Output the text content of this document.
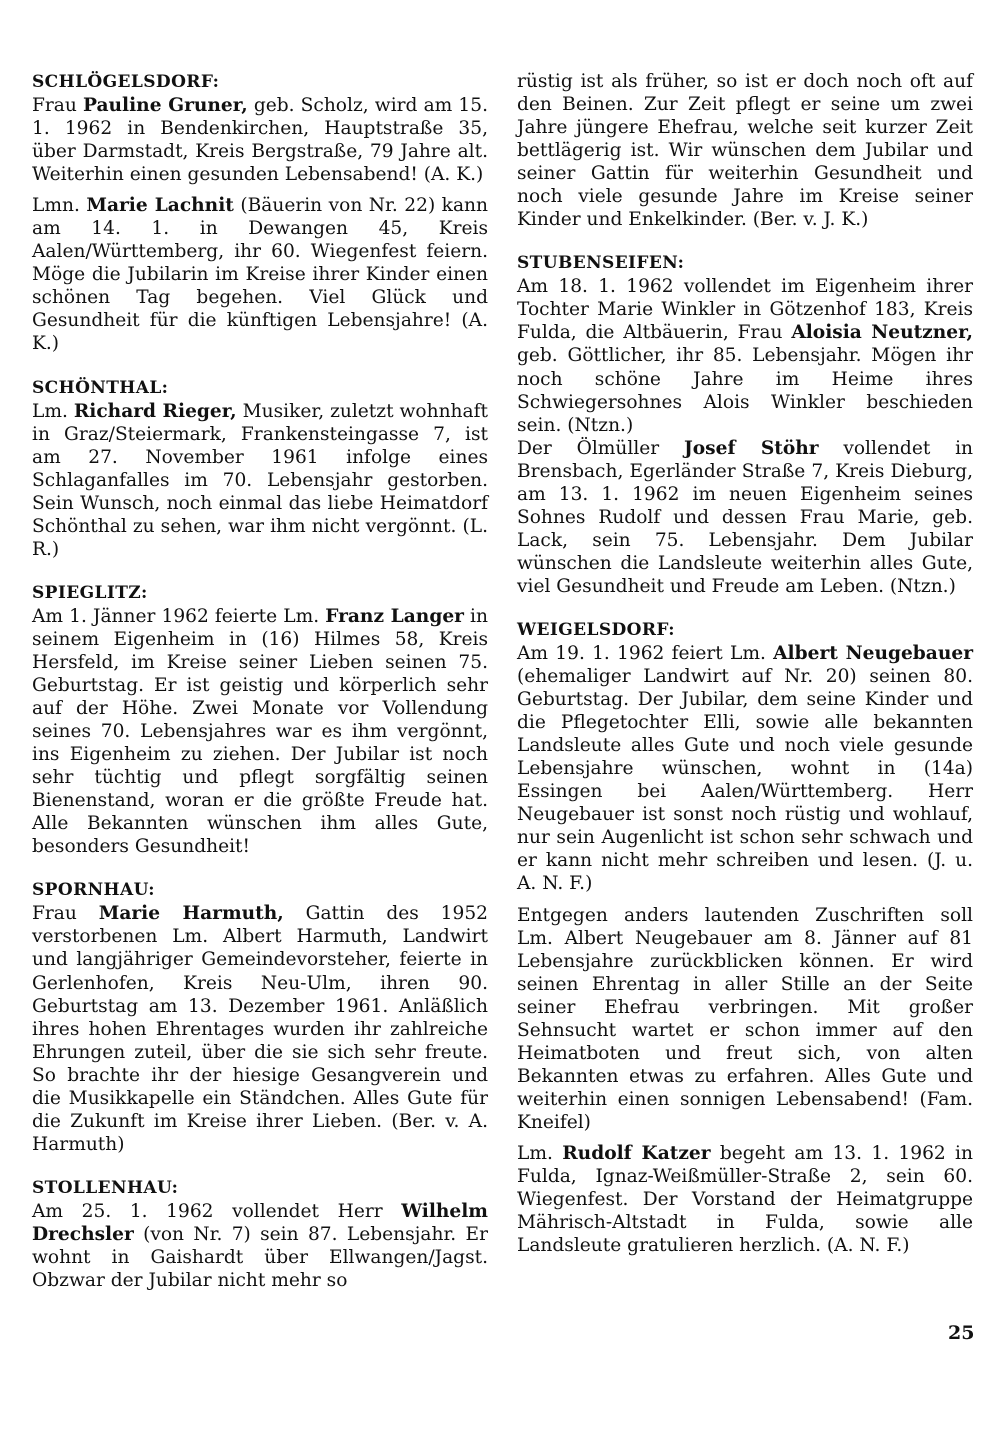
SCHLÖGELSDORF:

Frau Pauline Gruner, geb. Scholz, wird am 15. 1. 1962 in Bendenkirchen, Hauptstraße 35, über Darmstadt, Kreis Bergstraße, 79 Jahre alt. Weiterhin einen gesunden Lebensabend! (A. K.)

Lmn. Marie Lachnit (Bäuerin von Nr. 22) kann am 14. 1. in Dewangen 45, Kreis Aalen/Württemberg, ihr 60. Wiegenfest feiern. Möge die Jubilarin im Kreise ihrer Kinder einen schönen Tag begehen. Viel Glück und Gesundheit für die künftigen Lebensjahre! (A. K.)

SCHÖNTHAL:

Lm. Richard Rieger, Musiker, zuletzt wohnhaft in Graz/Steiermark, Frankensteingasse 7, ist am 27. November 1961 infolge eines Schlaganfalles im 70. Lebensjahr gestorben. Sein Wunsch, noch einmal das liebe Heimatdorf Schönthal zu sehen, war ihm nicht vergönnt. (L. R.)

SPIEGLITZ:

Am 1. Jänner 1962 feierte Lm. Franz Langer in seinem Eigenheim in (16) Hilmes 58, Kreis Hersfeld, im Kreise seiner Lieben seinen 75. Geburtstag. Er ist geistig und körperlich sehr auf der Höhe. Zwei Monate vor Vollendung seines 70. Lebensjahres war es ihm vergönnt, ins Eigenheim zu ziehen. Der Jubilar ist noch sehr tüchtig und pflegt sorgfältig seinen Bienenstand, woran er die größte Freude hat. Alle Bekannten wünschen ihm alles Gute, besonders Gesundheit!

SPORNHAU:

Frau Marie Harmuth, Gattin des 1952 verstorbenen Lm. Albert Harmuth, Landwirt und langjähriger Gemeindevorsteher, feierte in Gerlenhofen, Kreis Neu-Ulm, ihren 90. Geburtstag am 13. Dezember 1961. Anläßlich ihres hohen Ehrentages wurden ihr zahlreiche Ehrungen zuteil, über die sie sich sehr freute. So brachte ihr der hiesige Gesangverein und die Musikkapelle ein Ständchen. Alles Gute für die Zukunft im Kreise ihrer Lieben. (Ber. v. A. Harmuth)

STOLLENHAU:

Am 25. 1. 1962 vollendet Herr Wilhelm Drechsler (von Nr. 7) sein 87. Lebensjahr. Er wohnt in Gaishardt über Ellwangen/Jagst. Obzwar der Jubilar nicht mehr so

rüstig ist als früher, so ist er doch noch oft auf den Beinen. Zur Zeit pflegt er seine um zwei Jahre jüngere Ehefrau, welche seit kurzer Zeit bettlägerig ist. Wir wünschen dem Jubilar und seiner Gattin für weiterhin Gesundheit und noch viele gesunde Jahre im Kreise seiner Kinder und Enkelkinder. (Ber. v. J. K.)

STUBENSEIFEN:

Am 18. 1. 1962 vollendet im Eigenheim ihrer Tochter Marie Winkler in Götzenhof 183, Kreis Fulda, die Altbäuerin, Frau Aloisia Neutzner, geb. Göttlicher, ihr 85. Lebensjahr. Mögen ihr noch schöne Jahre im Heime ihres Schwiegersohnes Alois Winkler beschieden sein. (Ntzn.)

Der Ölmüller Josef Stöhr vollendet in Brensbach, Egerländer Straße 7, Kreis Dieburg, am 13. 1. 1962 im neuen Eigenheim seines Sohnes Rudolf und dessen Frau Marie, geb. Lack, sein 75. Lebensjahr. Dem Jubilar wünschen die Landsleute weiterhin alles Gute, viel Gesundheit und Freude am Leben. (Ntzn.)

WEIGELSDORF:

Am 19. 1. 1962 feiert Lm. Albert Neugebauer (ehemaliger Landwirt auf Nr. 20) seinen 80. Geburtstag. Der Jubilar, dem seine Kinder und die Pflegetochter Elli, sowie alle bekannten Landsleute alles Gute und noch viele gesunde Lebensjahre wünschen, wohnt in (14a) Essingen bei Aalen/Württemberg. Herr Neugebauer ist sonst noch rüstig und wohlauf, nur sein Augenlicht ist schon sehr schwach und er kann nicht mehr schreiben und lesen. (J. u. A. N. F.)

Entgegen anders lautenden Zuschriften soll Lm. Albert Neugebauer am 8. Jänner auf 81 Lebensjahre zurückblicken können. Er wird seinen Ehrentag in aller Stille an der Seite seiner Ehefrau verbringen. Mit großer Sehnsucht wartet er schon immer auf den Heimatboten und freut sich, von alten Bekannten etwas zu erfahren. Alles Gute und weiterhin einen sonnigen Lebensabend! (Fam. Kneifel)

Lm. Rudolf Katzer begeht am 13. 1. 1962 in Fulda, Ignaz-Weißmüller-Straße 2, sein 60. Wiegenfest. Der Vorstand der Heimatgruppe Mährisch-Altstadt in Fulda, sowie alle Landsleute gratulieren herzlich. (A. N. F.)

25
